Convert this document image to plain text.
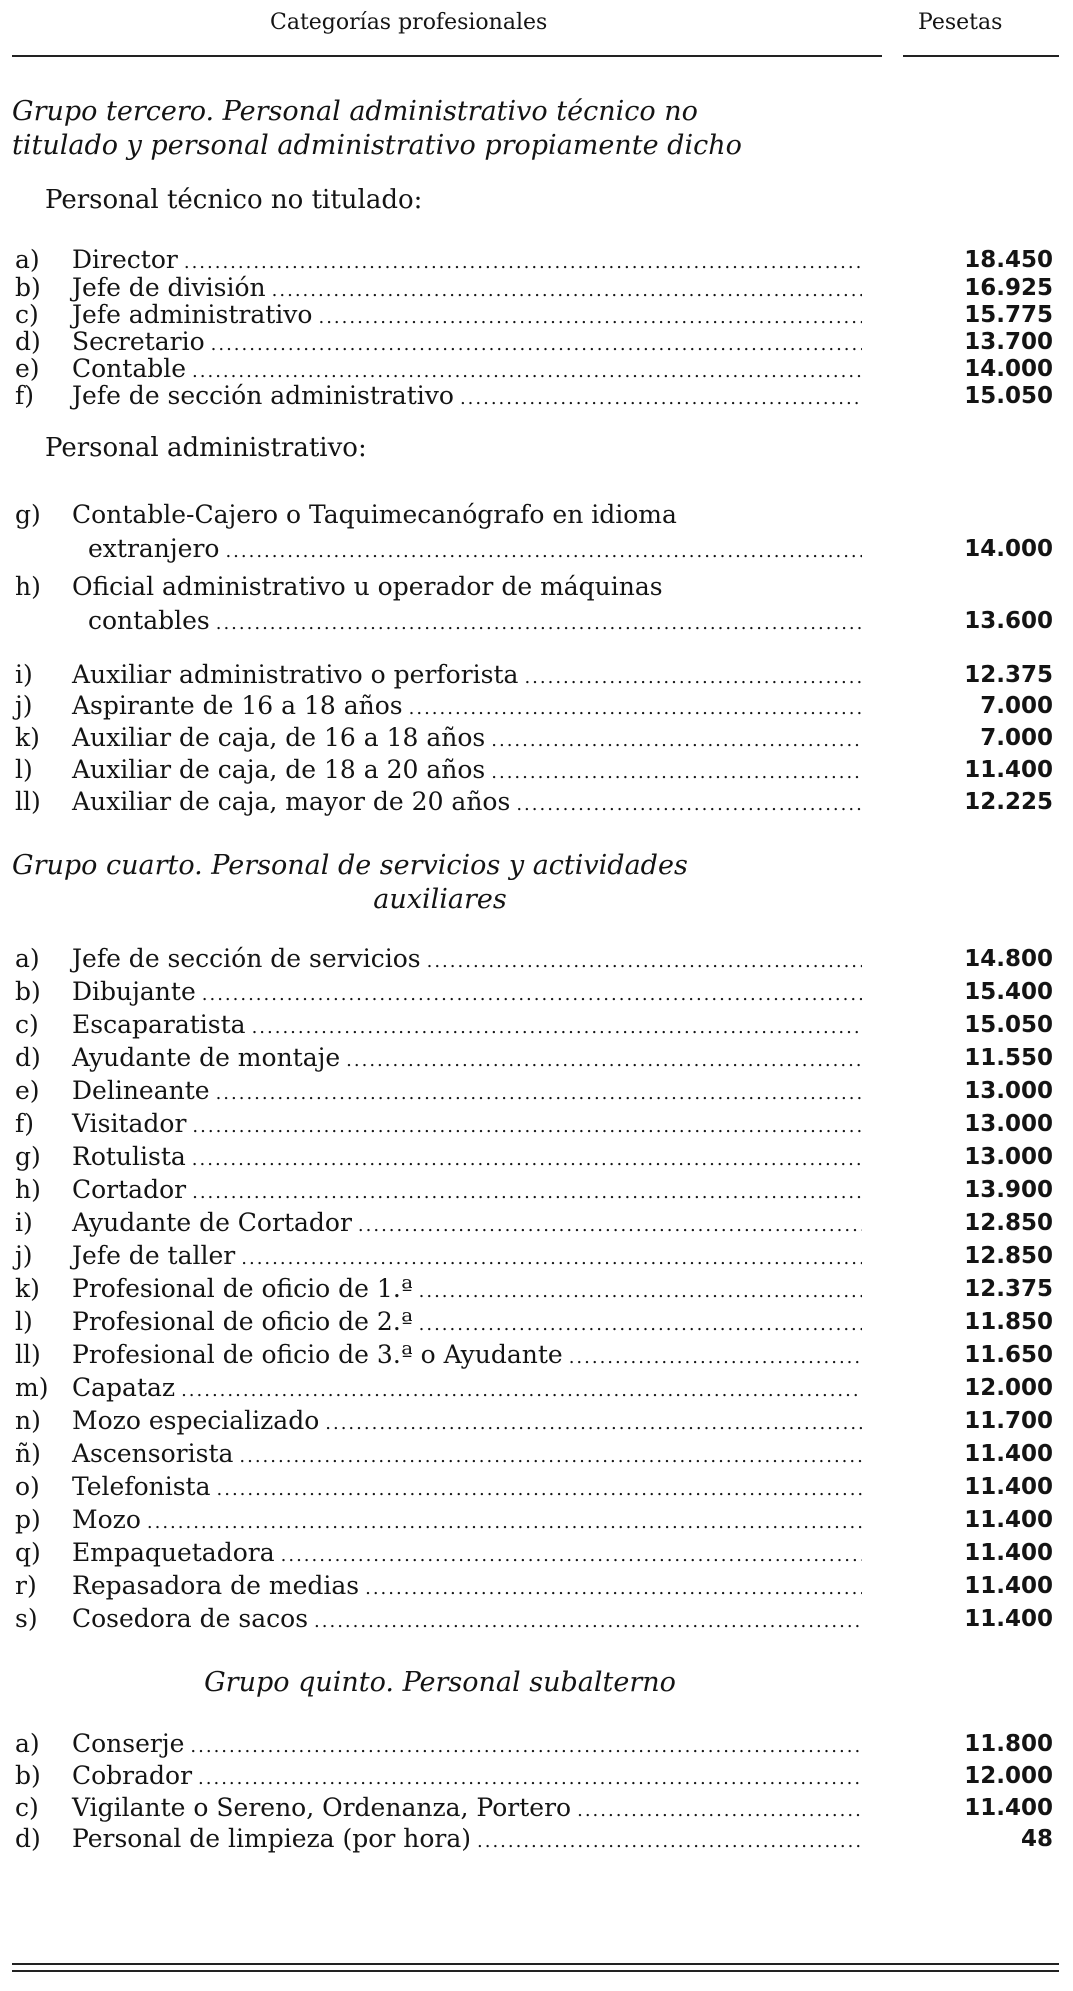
Categorías profesionales	Pesetas
Grupo tercero. Personal administrativo técnico no
titulado y personal administrativo propiamente dicho
Personal técnico no titulado:
a) Director .....	18.450
b) Jefe de división .....	16.925
c) Jefe administrativo .....	15.775
d) Secretario .....	13.700
e) Contable .....	14.000
f) Jefe de sección administrativo .....	15.050
Personal administrativo:
g) Contable-Cajero o Taquimecanógrafo en idioma
extranjero .....	14.000
h) Oficial administrativo u operador de máquinas
contables .....	13.600
i) Auxiliar administrativo o perforista .....	12.375
j) Aspirante de 16 a 18 años .....	7.000
k) Auxiliar de caja, de 16 a 18 años .....	7.000
l) Auxiliar de caja, de 18 a 20 años .....	11.400
ll) Auxiliar de caja, mayor de 20 años .....	12.225
Grupo cuarto. Personal de servicios y actividades
auxiliares
a) Jefe de sección de servicios .....	14.800
b) Dibujante .....	15.400
c) Escaparatista .....	15.050
d) Ayudante de montaje .....	11.550
e) Delineante .....	13.000
f) Visitador .....	13.000
g) Rotulista .....	13.000
h) Cortador .....	13.900
i) Ayudante de Cortador .....	12.850
j) Jefe de taller .....	12.850
k) Profesional de oficio de 1.ª .....	12.375
l) Profesional de oficio de 2.ª .....	11.850
ll) Profesional de oficio de 3.ª o Ayudante .....	11.650
m) Capataz .....	12.000
n) Mozo especializado .....	11.700
ñ) Ascensorista .....	11.400
o) Telefonista .....	11.400
p) Mozo .....	11.400
q) Empaquetadora .....	11.400
r) Repasadora de medias .....	11.400
s) Cosedora de sacos .....	11.400
Grupo quinto. Personal subalterno
a) Conserje .....	11.800
b) Cobrador .....	12.000
c) Vigilante o Sereno, Ordenanza, Portero .....	11.400
d) Personal de limpieza (por hora) .....	48
